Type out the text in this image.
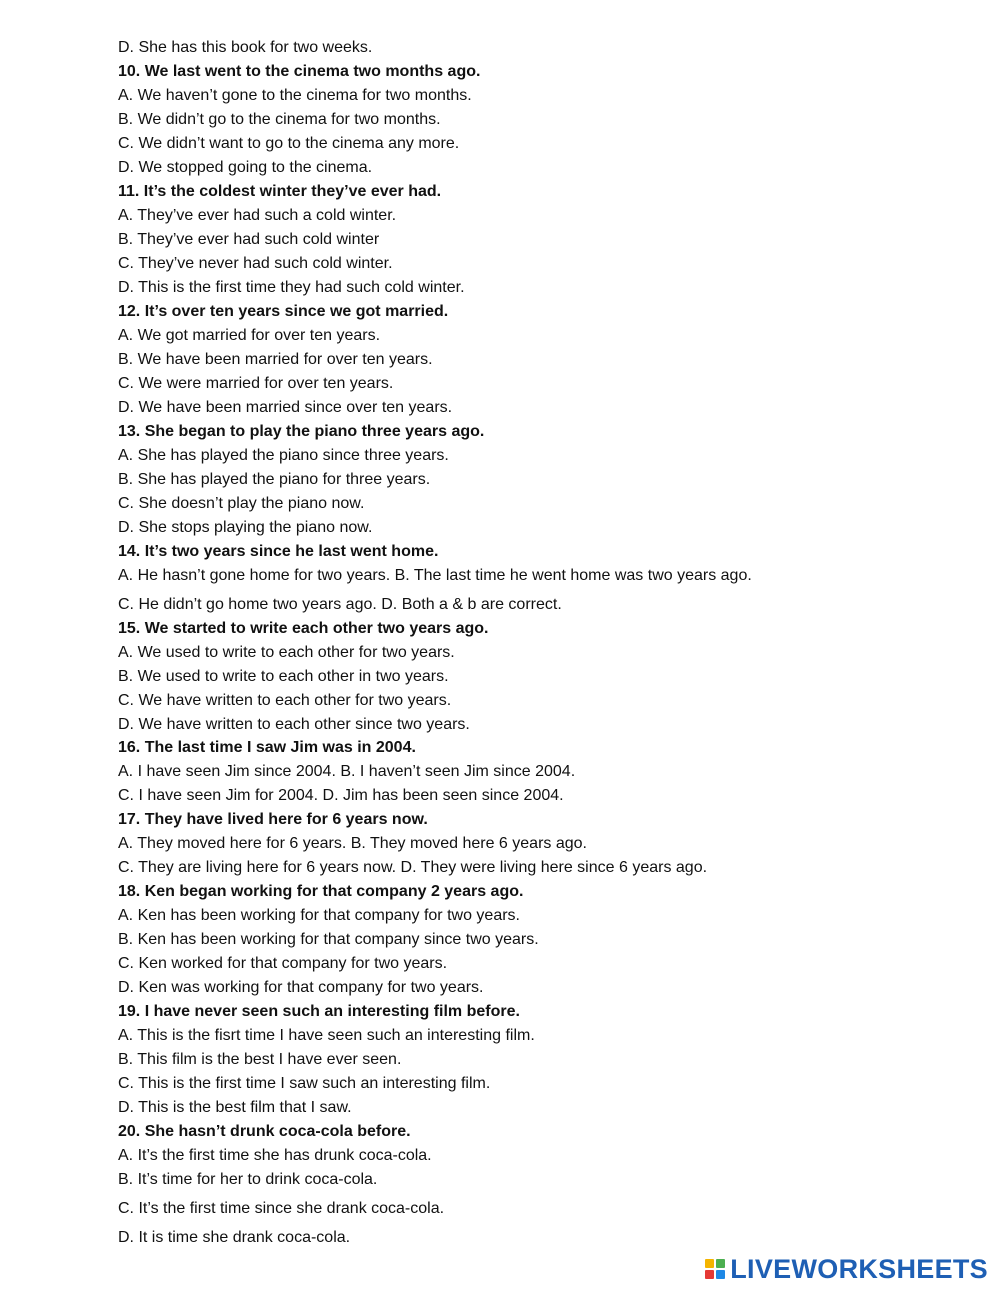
D. She has this book for two weeks.
10. We last went to the cinema two months ago.
A. We haven’t gone to the cinema for two months.
B. We didn’t go to the cinema for two months.
C. We didn’t want to go to the cinema any more.
D. We stopped going to the cinema.
11. It’s the coldest winter they’ve ever had.
A. They’ve ever had such a cold winter.
B. They’ve ever had such cold winter
C. They’ve never had such cold winter.
D. This is the first time they had such cold winter.
12. It’s over ten years since we got married.
A. We got married for over ten years.
B. We have been married for over ten years.
C. We were married for over ten years.
D. We have been married since over ten years.
13. She began to play the piano three years ago.
A. She has played the piano since three years.
B. She has played the piano for three years.
C. She doesn’t play the piano now.
D. She stops playing the piano now.
14. It’s two years since he last went home.
A. He hasn’t gone home for two years. B. The last time he went home was two years ago.
C. He didn’t go home two years ago. D. Both a & b are correct.
15. We started to write each other two years ago.
A. We used to write to each other for two years.
B. We used to write to each other in two years.
C. We have written to each other for two years.
D. We have written to each other since two years.
16. The last time I saw Jim was in 2004.
A. I have seen Jim since 2004. B. I haven’t seen Jim since 2004.
C. I have seen Jim for 2004. D. Jim has been seen since 2004.
17. They have lived here for 6 years now.
A. They moved here for 6 years. B. They moved here 6 years ago.
C. They are living here for 6 years now. D. They were living here since 6 years ago.
18. Ken began working for that company 2 years ago.
A. Ken has been working for that company for two years.
B. Ken has been working for that company since two years.
C. Ken worked for that company for two years.
D. Ken was working for that company for two years.
19. I have never seen such an interesting film before.
A. This is the fisrt time I have seen such an interesting film.
B. This film is the best I have ever seen.
C. This is the first time I saw such an interesting film.
D. This is the best film that I saw.
20. She hasn’t drunk coca-cola before.
A. It’s the first time she has drunk coca-cola.
B. It’s time for her to drink coca-cola.
C. It’s the first time since she drank coca-cola.
D. It is time she drank coca-cola.
LIVEWORKSHEETS
